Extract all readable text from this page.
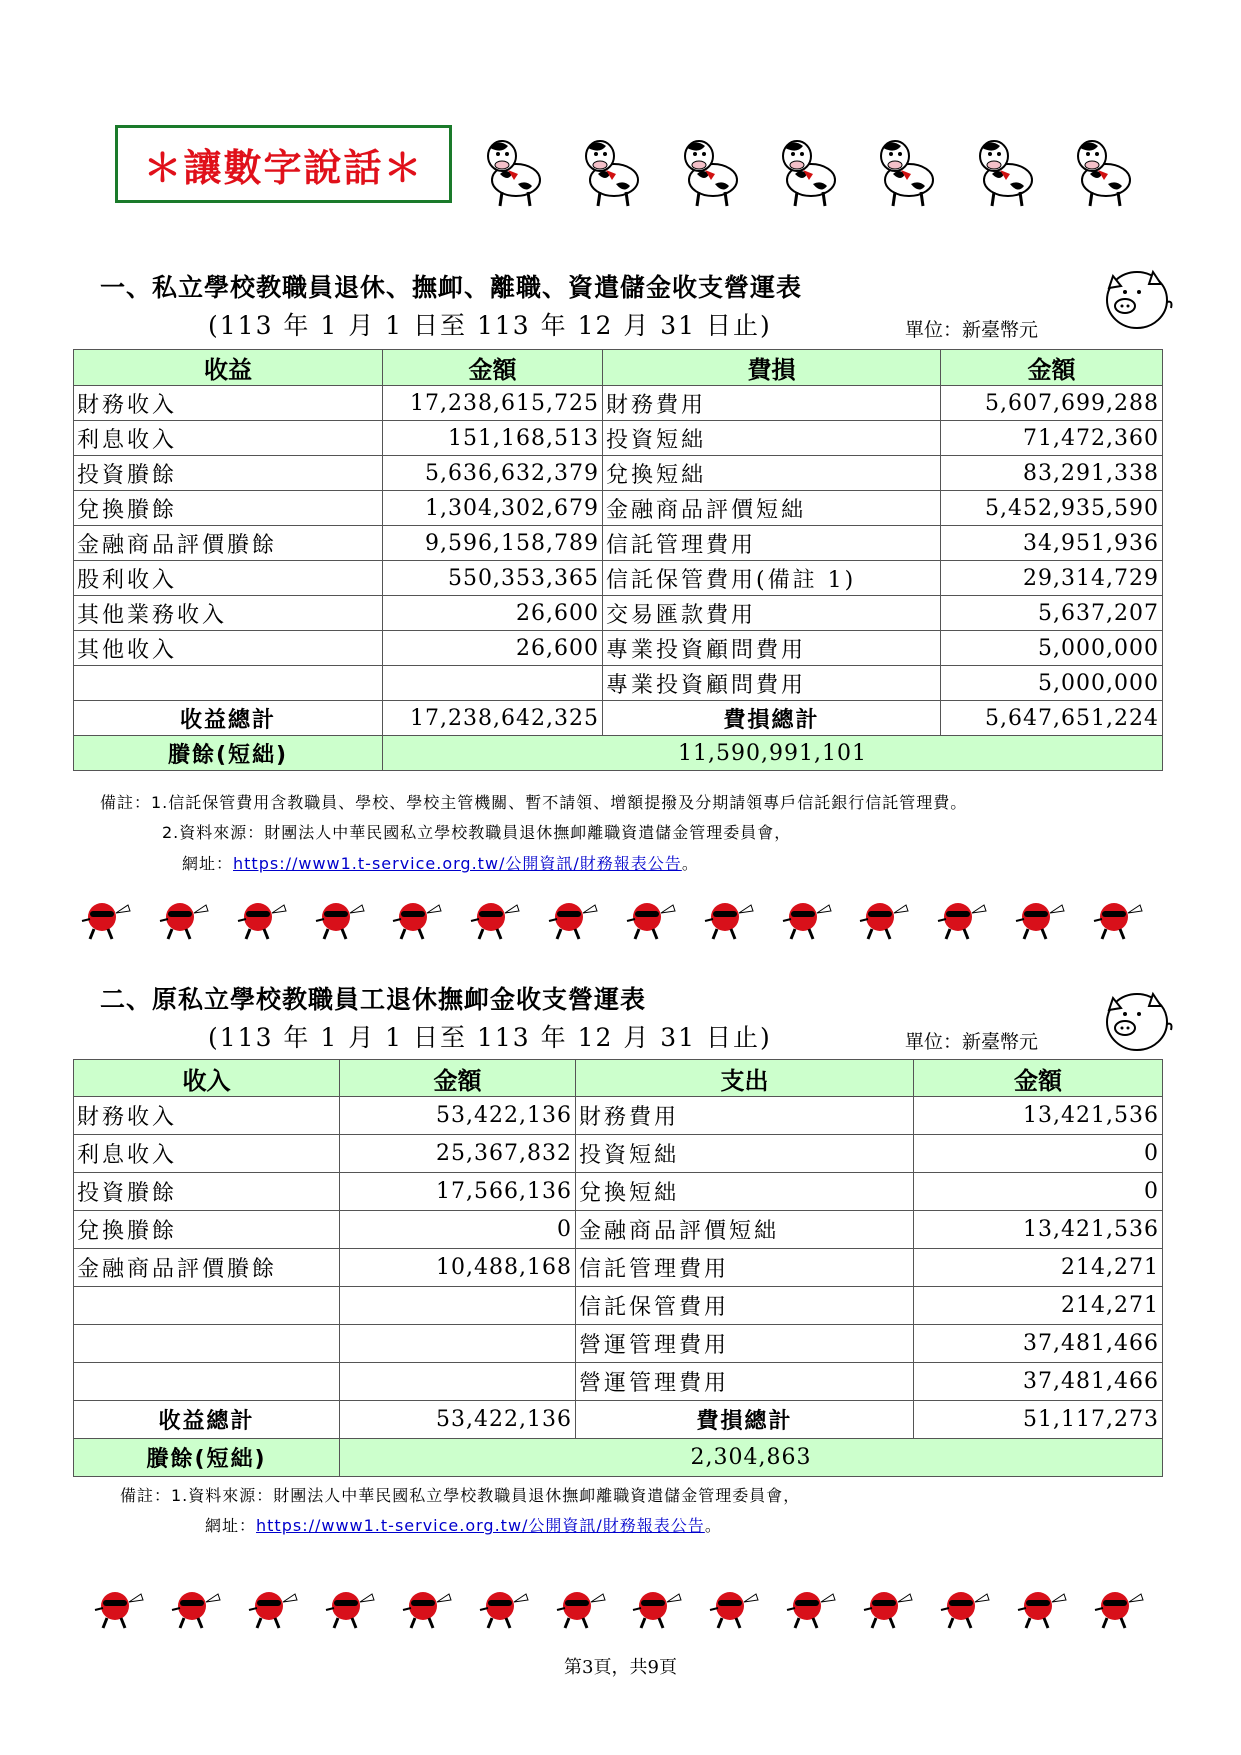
＊讓數字說話＊
一、私立學校教職員退休、撫卹、離職、資遣儲金收支營運表
(113 年 1 月 1 日至 113 年 12 月 31 日止)	單位：新臺幣元
收益	金額	費損	金額
財務收入	17,238,615,725	財務費用	5,607,699,288
利息收入	151,168,513	投資短絀	71,472,360
投資賸餘	5,636,632,379	兌換短絀	83,291,338
兌換賸餘	1,304,302,679	金融商品評價短絀	5,452,935,590
金融商品評價賸餘	9,596,158,789	信託管理費用	34,951,936
股利收入	550,353,365	信託保管費用(備註 1)	29,314,729
其他業務收入	26,600	交易匯款費用	5,637,207
其他收入	26,600	專業投資顧問費用	5,000,000
		專業投資顧問費用	5,000,000
收益總計	17,238,642,325	費損總計	5,647,651,224
賸餘(短絀)	11,590,991,101		
備註：1.信託保管費用含教職員、學校、學校主管機關、暫不請領、增額提撥及分期請領專戶信託銀行信託管理費。
2.資料來源：財團法人中華民國私立學校教職員退休撫卹離職資遣儲金管理委員會，
網址：https://www1.t-service.org.tw/公開資訊/財務報表公告。
二、原私立學校教職員工退休撫卹金收支營運表
(113 年 1 月 1 日至 113 年 12 月 31 日止)	單位：新臺幣元
收入	金額	支出	金額
財務收入	53,422,136	財務費用	13,421,536
利息收入	25,367,832	投資短絀	0
投資賸餘	17,566,136	兌換短絀	0
兌換賸餘	0	金融商品評價短絀	13,421,536
金融商品評價賸餘	10,488,168	信託管理費用	214,271
		信託保管費用	214,271
		營運管理費用	37,481,466
		營運管理費用	37,481,466
收益總計	53,422,136	費損總計	51,117,273
賸餘(短絀)	2,304,863		
備註：1.資料來源：財團法人中華民國私立學校教職員退休撫卹離職資遣儲金管理委員會，
網址：https://www1.t-service.org.tw/公開資訊/財務報表公告。
第3頁，共9頁
